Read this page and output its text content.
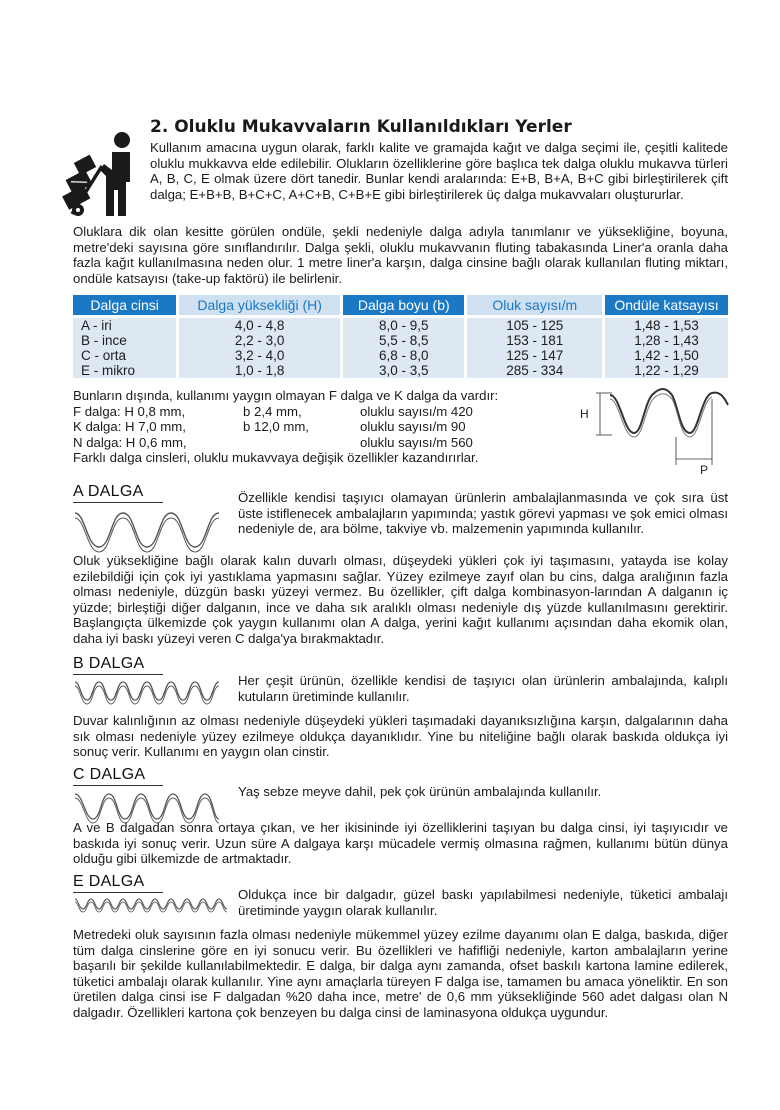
2. Oluklu Mukavvaların Kullanıldıkları Yerler

Kullanım amacına uygun olarak, farklı kalite ve gramajda kağıt ve dalga seçimi ile, çeşitli kalitede oluklu mukkavva elde edilebilir. Olukların özelliklerine göre başlıca tek dalga oluklu mukavva türleri A, B, C, E olmak üzere dört tanedir. Bunlar kendi aralarında: E+B, B+A, B+C gibi birleştirilerek çift dalga; E+B+B, B+C+C, A+C+B, C+B+E gibi birleştirilerek üç dalga mukavvaları oluştururlar.

Oluklara dik olan kesitte görülen ondüle, şekli nedeniyle dalga adıyla tanımlanır ve yüksekliğine, boyuna, metre'deki sayısına göre sınıflandırılır. Dalga şekli, oluklu mukavvanın fluting tabakasında Liner'a oranla daha fazla kağıt kullanılmasına neden olur. 1 metre liner'a karşın, dalga cinsine bağlı olarak kullanılan fluting miktarı, ondüle katsayısı (take-up faktörü) ile belirlenir.

Dalga cinsi	Dalga yüksekliği (H)	Dalga boyu (b)	Oluk sayısı/m	Ondüle katsayısı

A - iri	4,0 - 4,8	8,0 - 9,5	105 - 125	1,48 - 1,53
B - ince	2,2 - 3,0	5,5 - 8,5	153 - 181	1,28 - 1,43
C - orta	3,2 - 4,0	6,8 - 8,0	125 - 147	1,42 - 1,50
E - mikro	1,0 - 1,8	3,0 - 3,5	285 - 334	1,22 - 1,29
Bunların dışında, kullanımı yaygın olmayan F dalga ve K dalga da vardır:
F dalga: H 0,8 mm,	b 2,4 mm,	oluklu sayısı/m 420
K dalga: H 7,0 mm,	b 12,0 mm,	oluklu sayısı/m 90
N dalga: H 0,6 mm,	oluklu sayısı/m 560
Farklı dalga cinsleri, oluklu mukavvaya değişik özellikler kazandırırlar.
H
P
A DALGA	Özellikle kendisi taşıyıcı olamayan ürünlerin ambalajlanmasında ve çok sıra üst üste istiflenecek ambalajların yapımında; yastık görevi yapması ve şok emici olması nedeniyle de, ara bölme, takviye vb. malzemenin yapımında kullanılır.

Oluk yüksekliğine bağlı olarak kalın duvarlı olması, düşeydeki yükleri çok iyi taşımasını, yatayda ise kolay ezilebildiği için çok iyi yastıklama yapmasını sağlar. Yüzey ezilmeye zayıf olan bu cins, dalga aralığının fazla olması nedeniyle, düzgün baskı yüzeyi vermez. Bu özellikler, çift dalga kombinasyon-larından A dalganın iç yüzde; birleştiği diğer dalganın, ince ve daha sık aralıklı olması nedeniyle dış yüzde kullanılmasını gerektirir. Başlangıçta ülkemizde çok yaygın kullanımı olan A dalga, yerini kağıt kullanımı açısından daha ekomik olan, daha iyi baskı yüzeyi veren C dalga'ya bırakmaktadır.

B DALGA

Her çeşit ürünün, özellikle kendisi de taşıyıcı olan ürünlerin ambalajında, kalıplı kutuların üretiminde kullanılır.

Duvar kalınlığının az olması nedeniyle düşeydeki yükleri taşımadaki dayanıksızlığına karşın, dalgalarının daha sık olması nedeniyle yüzey ezilmeye oldukça dayanıklıdır. Yine bu niteliğine bağlı olarak baskıda oldukça iyi sonuç verir. Kullanımı en yaygın olan cinstir.

C DALGA

Yaş sebze meyve dahil, pek çok ürünün ambalajında kullanılır.

A ve B dalgadan sonra ortaya çıkan, ve her ikisininde iyi özelliklerini taşıyan bu dalga cinsi, iyi taşıyıcıdır ve baskıda iyi sonuç verir. Uzun süre A dalgaya karşı mücadele vermiş olmasına rağmen, kullanımı bütün dünya olduğu gibi ülkemizde de artmaktadır.

E DALGA

Oldukça ince bir dalgadır, güzel baskı yapılabilmesi nedeniyle, tüketici ambalajı üretiminde yaygın olarak kullanılır.

Metredeki oluk sayısının fazla olması nedeniyle mükemmel yüzey ezilme dayanımı olan E dalga, baskıda, diğer tüm dalga cinslerine göre en iyi sonucu verir. Bu özellikleri ve hafifliği nedeniyle, karton ambalajların yerine başarılı bir şekilde kullanılabilmektedir. E dalga, bir dalga aynı zamanda, ofset baskılı kartona lamine edilerek, tüketici ambalajı olarak kullanılır. Yine aynı amaçlarla türeyen F dalga ise, tamamen bu amaca yöneliktir. En son üretilen dalga cinsi ise F dalgadan %20 daha ince, metre' de 0,6 mm yüksekliğinde 560 adet dalgası olan N dalgadır. Özellikleri kartona çok benzeyen bu dalga cinsi de laminasyona oldukça uygundur.
